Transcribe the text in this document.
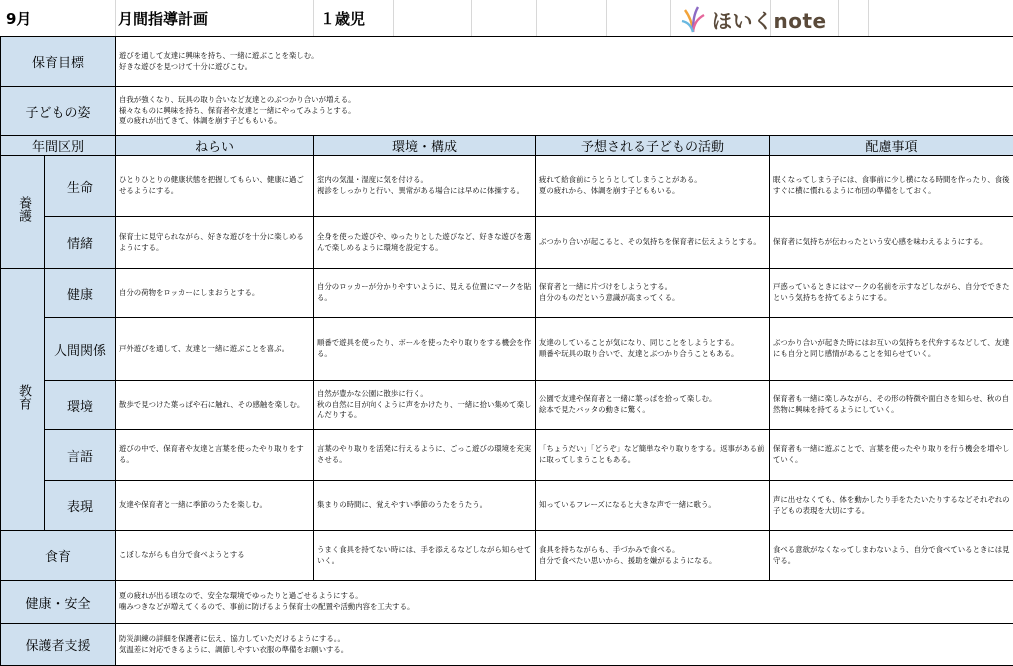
9月	月間指導計画	１歳児	ほいくnote
保育目標		遊びを通して友達に興味を持ち、一緒に遊ぶことを楽しむ。
好きな遊びを見つけて十分に遊びこむ。			
子どもの姿		自我が強くなり、玩具の取り合いなど友達とのぶつかり合いが増える。
様々なものに興味を持ち、保育者や友達と一緒にやってみようとする。
夏の疲れが出てきて、体調を崩す子どももいる。			
年間区別		ねらい	環境・構成	予想される子どもの活動	配慮事項
養護	生命	ひとりひとりの健康状態を把握してもらい、健康に過ごせるようにする。	室内の気温・湿度に気を付ける。
視診をしっかりと行い、異常がある場合には早めに体操する。	疲れて給食前にうとうとしてしまうことがある。
夏の疲れから、体調を崩す子どももいる。	眠くなってしまう子には、食事前に少し横になる時間を作ったり、食後すぐに横に慣れるように布団の準備をしておく。
	情緒	保育士に見守られながら、好きな遊びを十分に楽しめるようにする。	全身を使った遊びや、ゆったりとした遊びなど、好きな遊びを選んで楽しめるように環境を設定する。	ぶつかり合いが起こると、その気持ちを保育者に伝えようとする。	保育者に気持ちが伝わったという安心感を味わえるようにする。
教育	健康	自分の荷物をロッカーにしまおうとする。	自分のロッカーが分かりやすいように、見える位置にマークを貼る。	保育者と一緒に片づけをしようとする。
自分のものだという意識が高まってくる。	戸惑っているときにはマークの名前を示すなどしながら、自分でできたという気持ちを持てるようにする。
	人間関係	戸外遊びを通して、友達と一緒に遊ぶことを喜ぶ。	順番で遊具を使ったり、ボールを使ったやり取りをする機会を作る。	友達のしていることが気になり、同じことをしようとする。
順番や玩具の取り合いで、友達とぶつかり合うこともある。	ぶつかり合いが起きた時にはお互いの気持ちを代弁するなどして、友達にも自分と同じ感情があることを知らせていく。
	環境	散歩で見つけた葉っぱや石に触れ、その感触を楽しむ。	自然が豊かな公園に散歩に行く。
秋の自然に目が向くように声をかけたり、一緒に拾い集めて楽しんだりする。	公園で友達や保育者と一緒に葉っぱを拾って楽しむ。
絵本で見たバッタの動きに驚く。	保育者も一緒に楽しみながら、その形の特徴や面白さを知らせ、秋の自然物に興味を持てるようにしていく。
	言語	遊びの中で、保育者や友達と言葉を使ったやり取りをする。	言葉のやり取りを活発に行えるように、ごっこ遊びの環境を充実させる。	「ちょうだい」「どうぞ」など簡単なやり取りをする。返事がある前に取ってしまうこともある。	保育者も一緒に遊ぶことで、言葉を使ったやり取りを行う機会を増やしていく。
	表現	友達や保育者と一緒に季節のうたを楽しむ。	集まりの時間に、覚えやすい季節のうたをうたう。	知っているフレーズになると大きな声で一緒に歌う。	声に出せなくても、体を動かしたり手をたたいたりするなどそれぞれの子どもの表現を大切にする。
食育		こぼしながらも自分で食べようとする	うまく食具を持てない時には、手を添えるなどしながら知らせていく。	食具を持ちながらも、手づかみで食べる。
自分で食べたい思いから、援助を嫌がるようになる。	食べる意欲がなくなってしまわないよう、自分で食べているときには見守る。
健康・安全		夏の疲れが出る頃なので、安全な環境でゆったりと過ごせるようにする。
噛みつきなどが増えてくるので、事前に防げるよう保育士の配置や活動内容を工夫する。			
保護者支援		防災訓練の詳細を保護者に伝え、協力していただけるようにする。。
気温差に対応できるように、調節しやすい衣服の準備をお願いする。			
